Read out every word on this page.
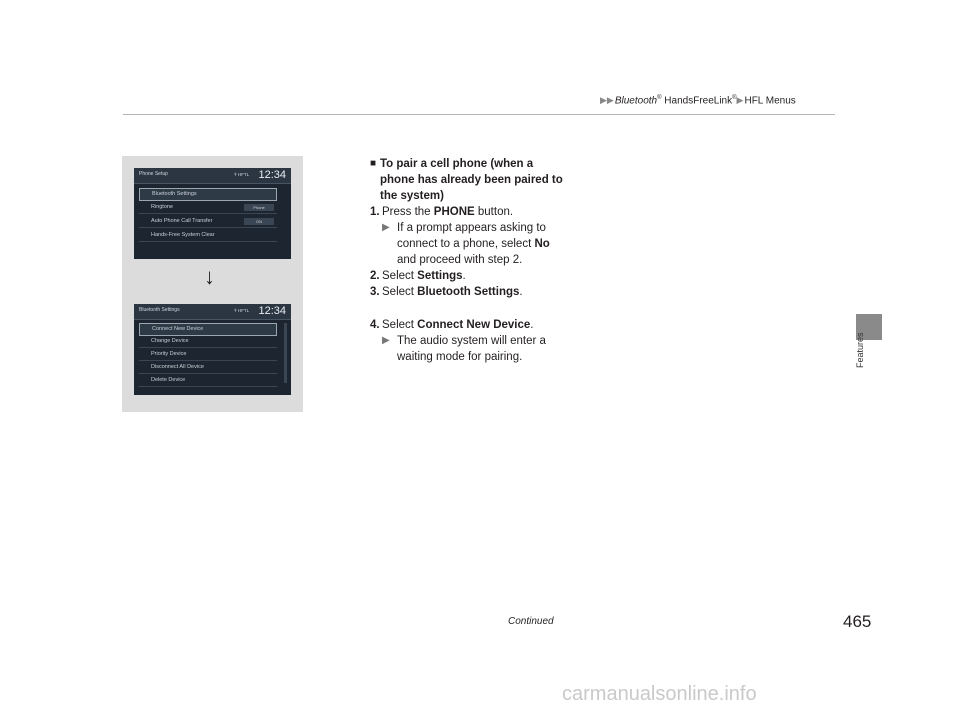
▶▶Bluetooth® HandsFreeLink®▶HFL Menus
Features
Phone Setup	ǂ HFTL 12:34
Bluetooth Settings
Ringtone	Phone
Auto Phone Call Transfer	ON
Hands-Free System Clear
↓
Bluetooth Settings	ǂ HFTL 12:34
Connect New Device
Change Device
Priority Device
Disconnect All Device
Delete Device
■ To pair a cell phone (when a phone has already been paired to the system)
1. Press the PHONE button.
▶ If a prompt appears asking to connect to a phone, select No and proceed with step 2.
2. Select Settings.
3. Select Bluetooth Settings.
4. Select Connect New Device.
▶ The audio system will enter a waiting mode for pairing.
Continued	465
carmanualsonline.info
